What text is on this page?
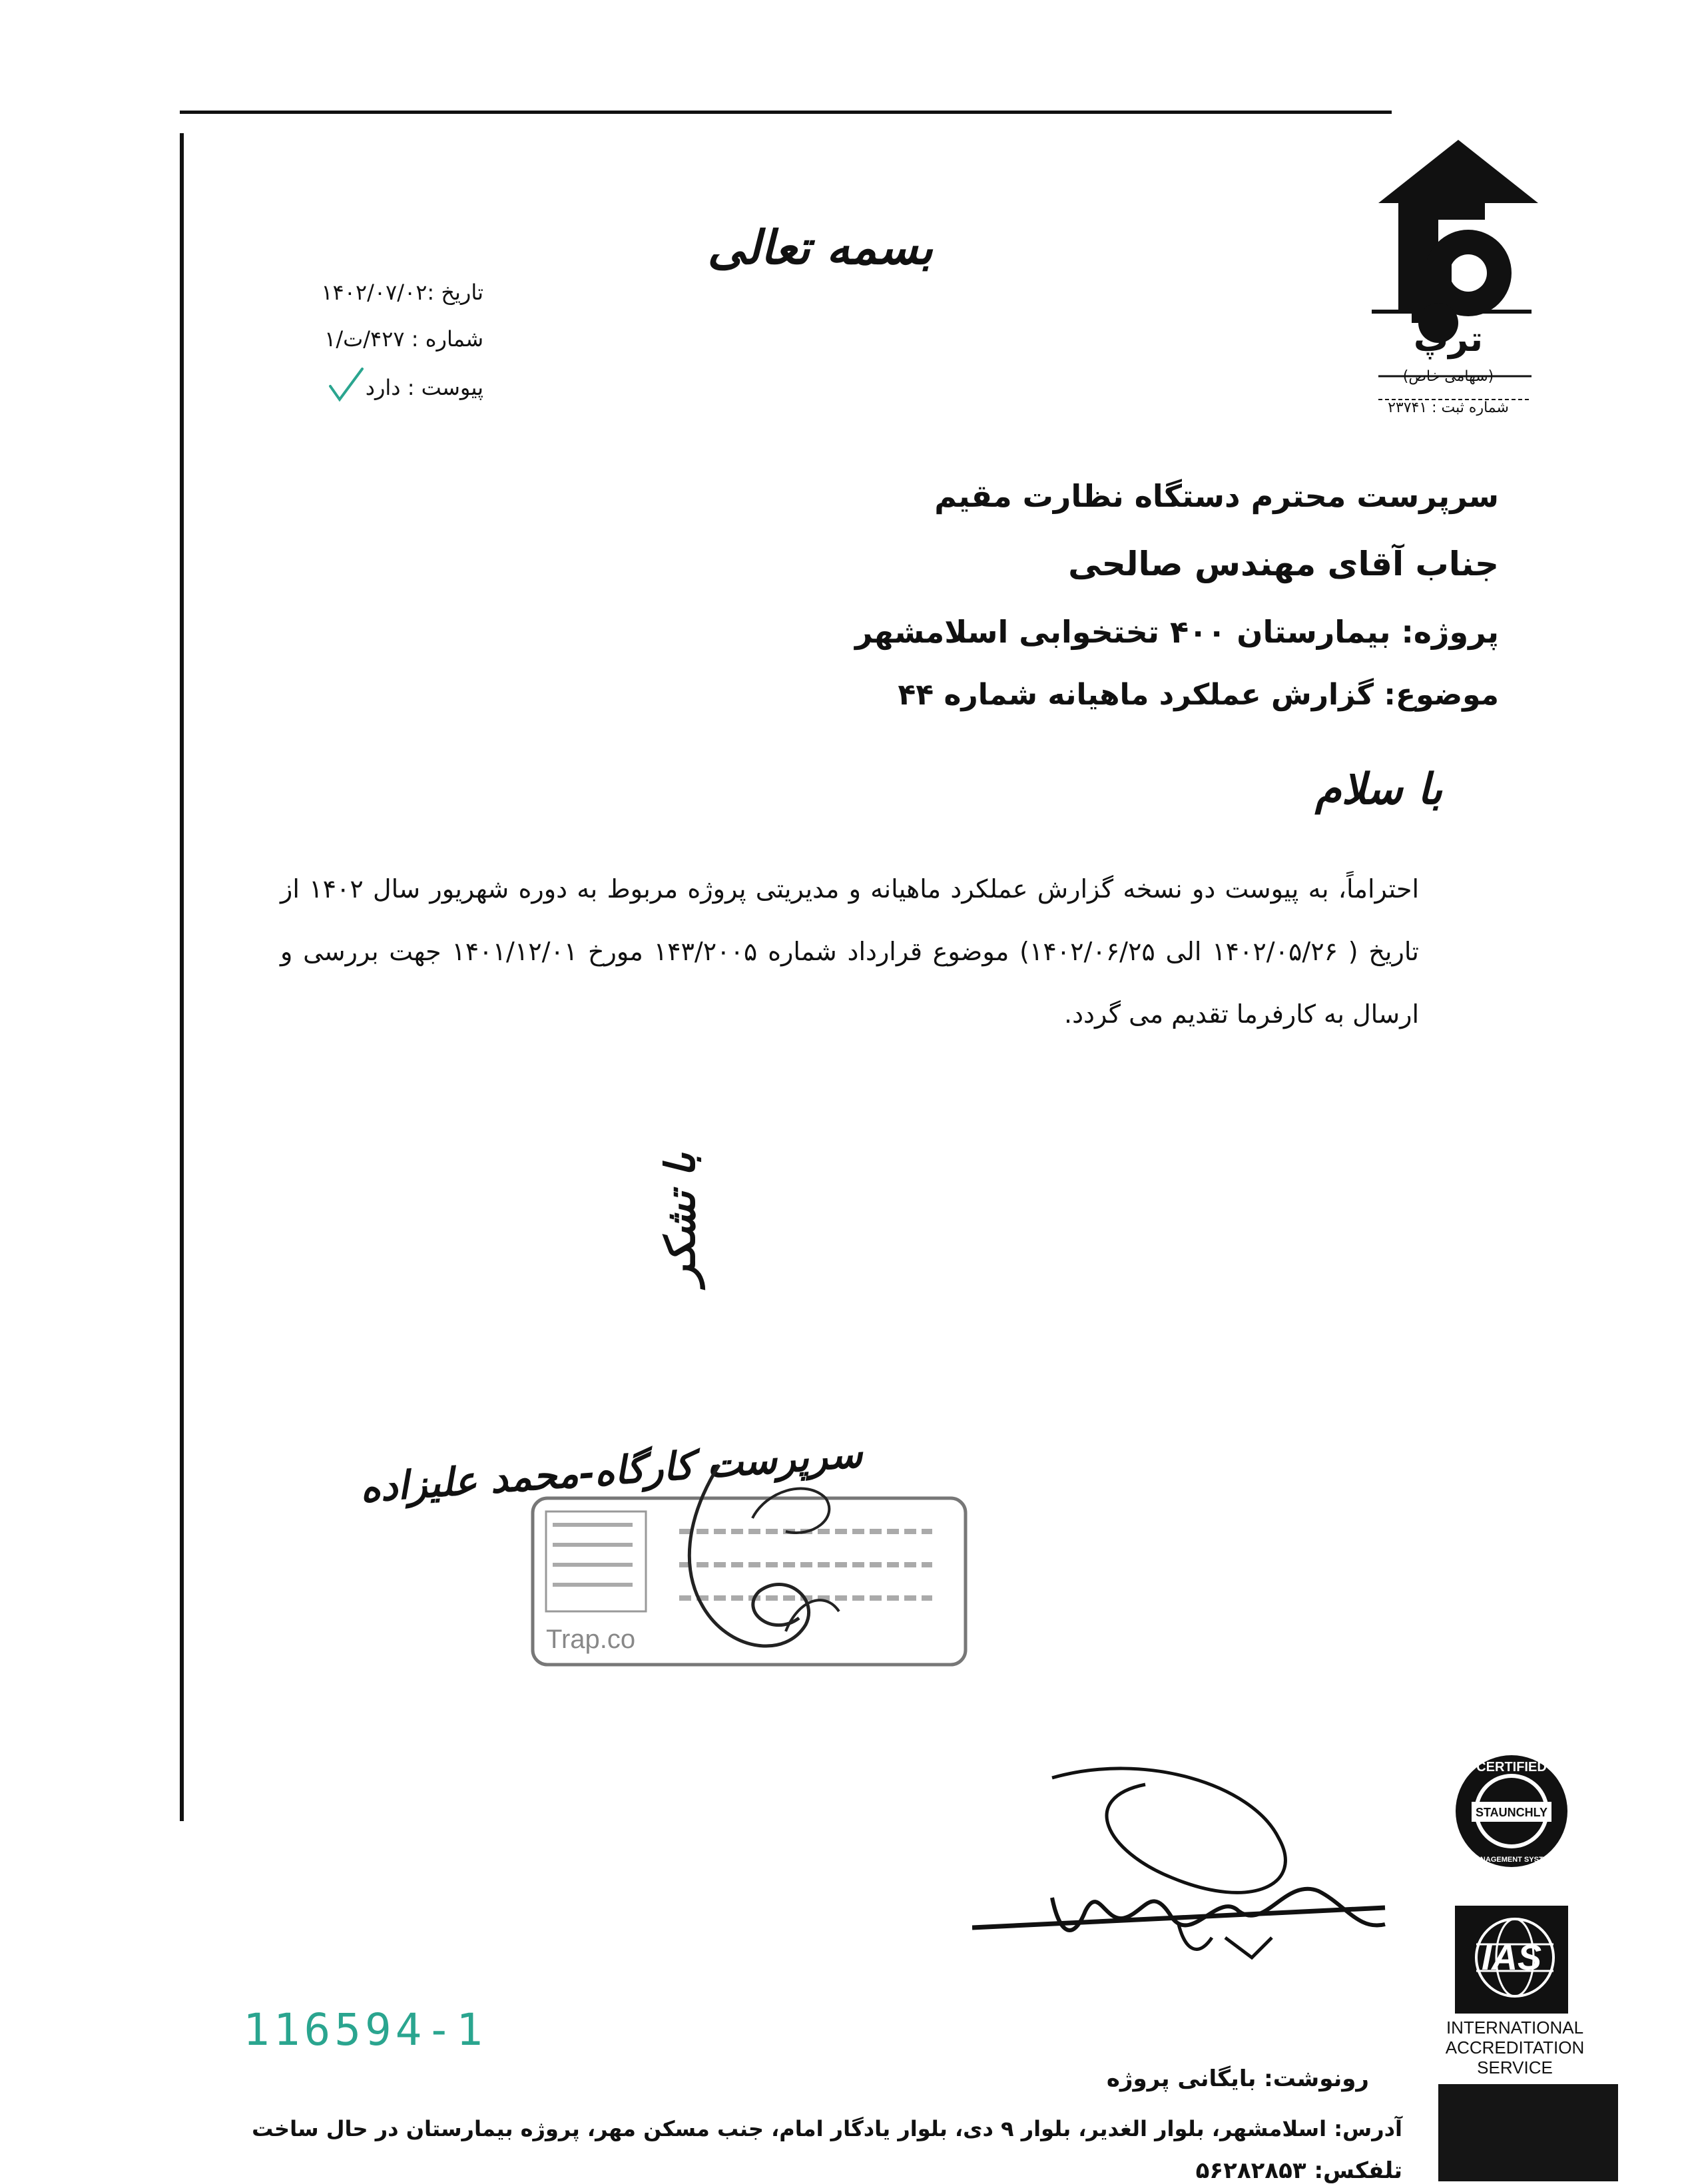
ترپ
(سهامی خاص)
شماره ثبت : ۲۳۷۴۱
بسمه تعالی
تاریخ :۱۴۰۲/۰۷/۰۲
شماره : ۴۲۷/ت/۱
پیوست : دارد
سرپرست محترم دستگاه نظارت مقیم
جناب آقای مهندس صالحی
پروژه: بیمارستان ۴۰۰ تختخوابی اسلامشهر
موضوع: گزارش عملکرد ماهیانه شماره ۴۴
با سلام
احتراماً، به پیوست دو نسخه گزارش عملکرد ماهیانه و مدیریتی پروژه مربوط به دوره شهریور سال ۱۴۰۲ از تاریخ ( ۱۴۰۲/۰۵/۲۶ الی ۱۴۰۲/۰۶/۲۵) موضوع قرارداد شماره ۱۴۳/۲۰۰۵ مورخ ۱۴۰۱/۱۲/۰۱ جهت بررسی و ارسال به کارفرما تقدیم می گردد.
با تشکر
Trap.co
سرپرست کارگاه-محمد علیزاده
116594-1
رونوشت: بایگانی پروژه
آدرس: اسلامشهر، بلوار الغدیر، بلوار ۹ دی، بلوار یادگار امام، جنب مسکن مهر، پروژه بیمارستان در حال ساخت
تلفکس: ۵۶۲۸۲۸۵۳
STAUNCHLY
CERTIFIED
MANAGEMENT SYSTEM
IAS
INTERNATIONAL
ACCREDITATION
SERVICE
